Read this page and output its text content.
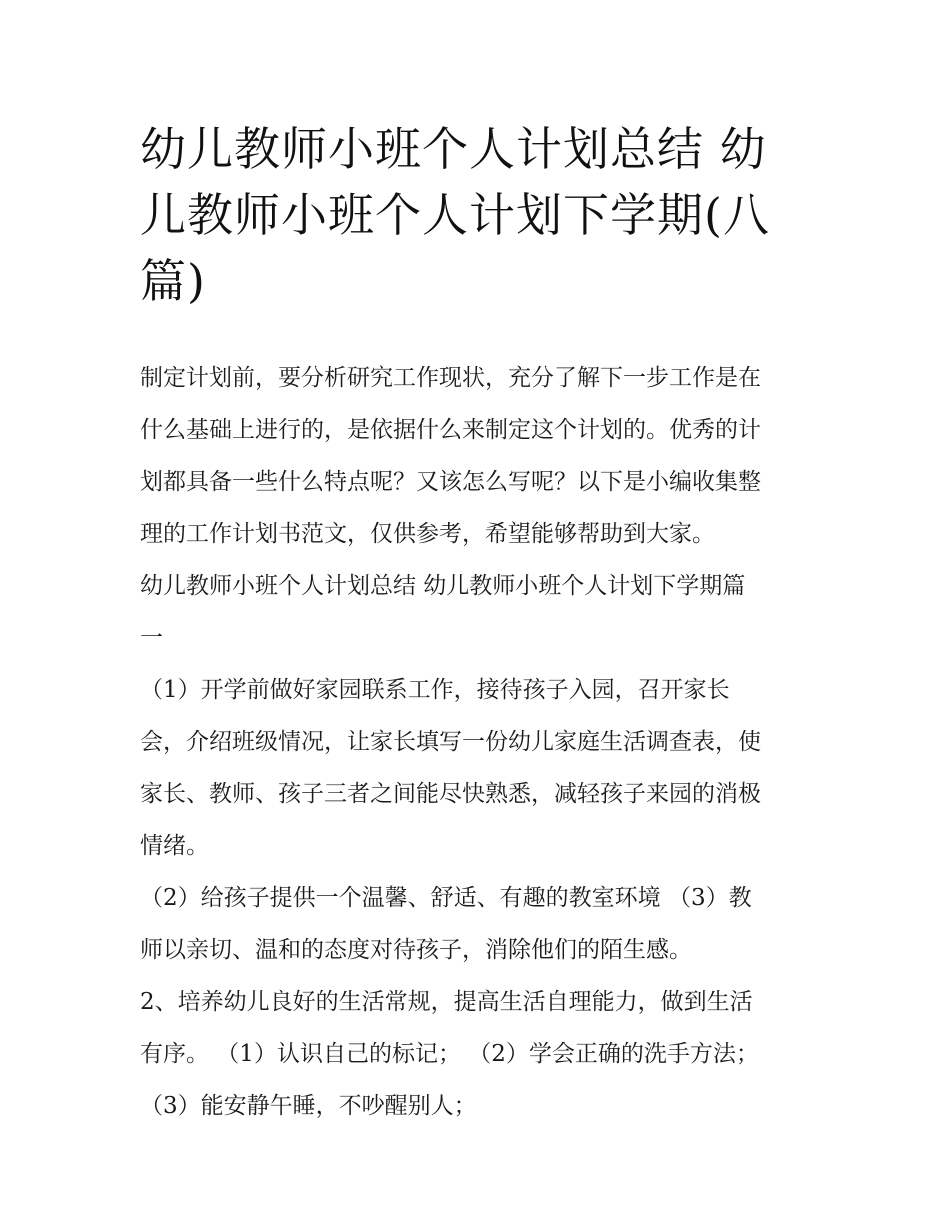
幼儿教师小班个人计划总结 幼
儿教师小班个人计划下学期(八
篇)
制定计划前，要分析研究工作现状，充分了解下一步工作是在
什么基础上进行的，是依据什么来制定这个计划的。优秀的计
划都具备一些什么特点呢？又该怎么写呢？以下是小编收集整
理的工作计划书范文，仅供参考，希望能够帮助到大家。
幼儿教师小班个人计划总结 幼儿教师小班个人计划下学期篇
一
（1）开学前做好家园联系工作，接待孩子入园，召开家长
会，介绍班级情况，让家长填写一份幼儿家庭生活调查表，使
家长、教师、孩子三者之间能尽快熟悉，减轻孩子来园的消极
情绪。
（2）给孩子提供一个温馨、舒适、有趣的教室环境 （3）教
师以亲切、温和的态度对待孩子，消除他们的陌生感。
2、培养幼儿良好的生活常规，提高生活自理能力，做到生活
有序。 （1）认识自己的标记； （2）学会正确的洗手方法；
（3）能安静午睡，不吵醒别人；
